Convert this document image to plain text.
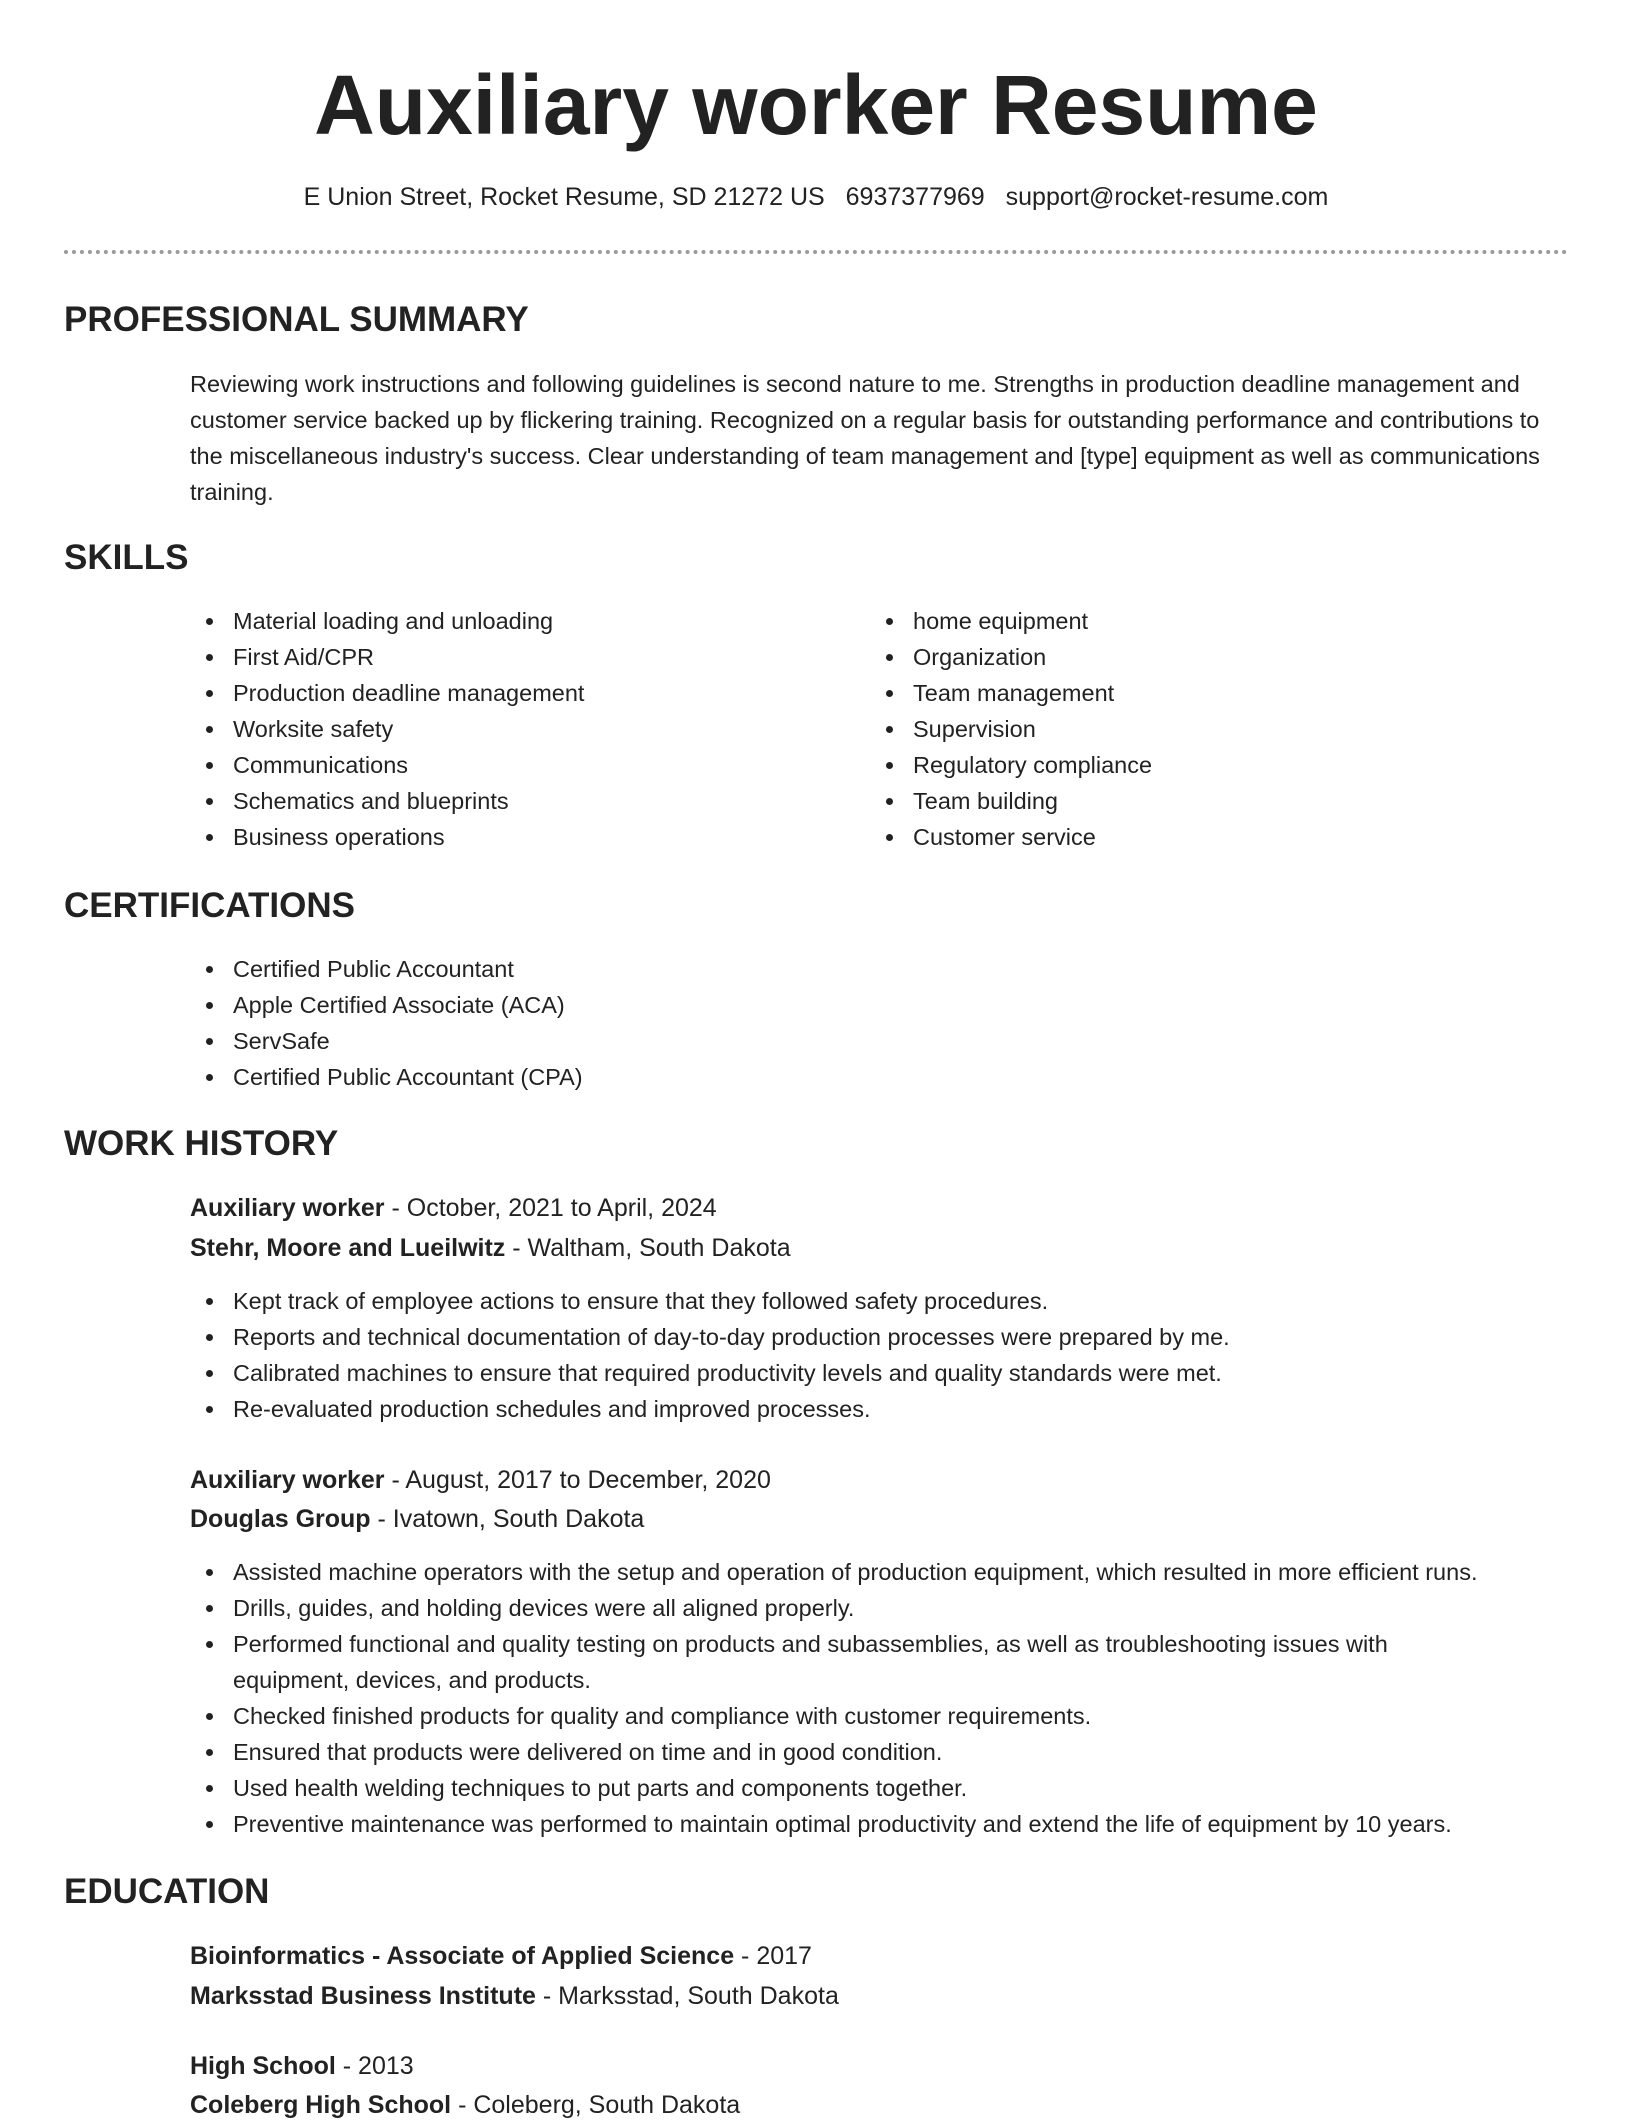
Auxiliary worker Resume
E Union Street, Rocket Resume, SD 21272 US 6937377969 support@rocket-resume.com
PROFESSIONAL SUMMARY

Reviewing work instructions and following guidelines is second nature to me. Strengths in production deadline management and customer service backed up by flickering training. Recognized on a regular basis for outstanding performance and contributions to the miscellaneous industry's success. Clear understanding of team management and [type] equipment as well as communications training.

SKILLS
Material loading and unloading
First Aid/CPR
Production deadline management
Worksite safety
Communications
Schematics and blueprints
Business operations
home equipment
Organization
Team management
Supervision
Regulatory compliance
Team building
Customer service
CERTIFICATIONS
Certified Public Accountant
Apple Certified Associate (ACA)
ServSafe
Certified Public Accountant (CPA)
WORK HISTORY
Auxiliary worker - October, 2021 to April, 2024
Stehr, Moore and Lueilwitz - Waltham, South Dakota
Kept track of employee actions to ensure that they followed safety procedures.
Reports and technical documentation of day-to-day production processes were prepared by me.
Calibrated machines to ensure that required productivity levels and quality standards were met.
Re-evaluated production schedules and improved processes.
Auxiliary worker - August, 2017 to December, 2020
Douglas Group - Ivatown, South Dakota
Assisted machine operators with the setup and operation of production equipment, which resulted in more efficient runs.
Drills, guides, and holding devices were all aligned properly.
Performed functional and quality testing on products and subassemblies, as well as troubleshooting issues with equipment, devices, and products.
Checked finished products for quality and compliance with customer requirements.
Ensured that products were delivered on time and in good condition.
Used health welding techniques to put parts and components together.
Preventive maintenance was performed to maintain optimal productivity and extend the life of equipment by 10 years.
EDUCATION
Bioinformatics - Associate of Applied Science - 2017
Marksstad Business Institute - Marksstad, South Dakota
High School - 2013
Coleberg High School - Coleberg, South Dakota
